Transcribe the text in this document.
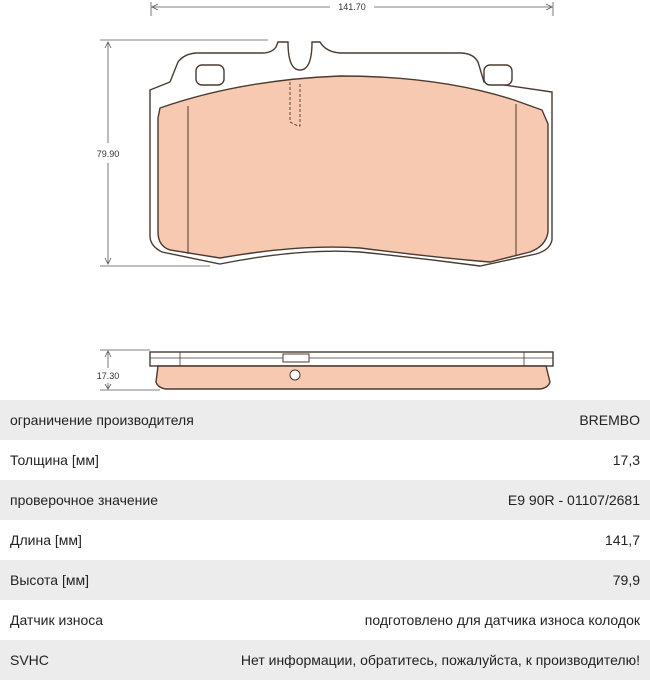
141.70
79.90
17.30
ограничение производителя	BREMBO
Толщина [мм]	17,3
проверочное значение	E9 90R - 01107/2681
Длина [мм]	141,7
Высота [мм]	79,9
Датчик износа	подготовлено для датчика износа колодок
SVHC	Нет информации, обратитесь, пожалуйста, к производителю!
